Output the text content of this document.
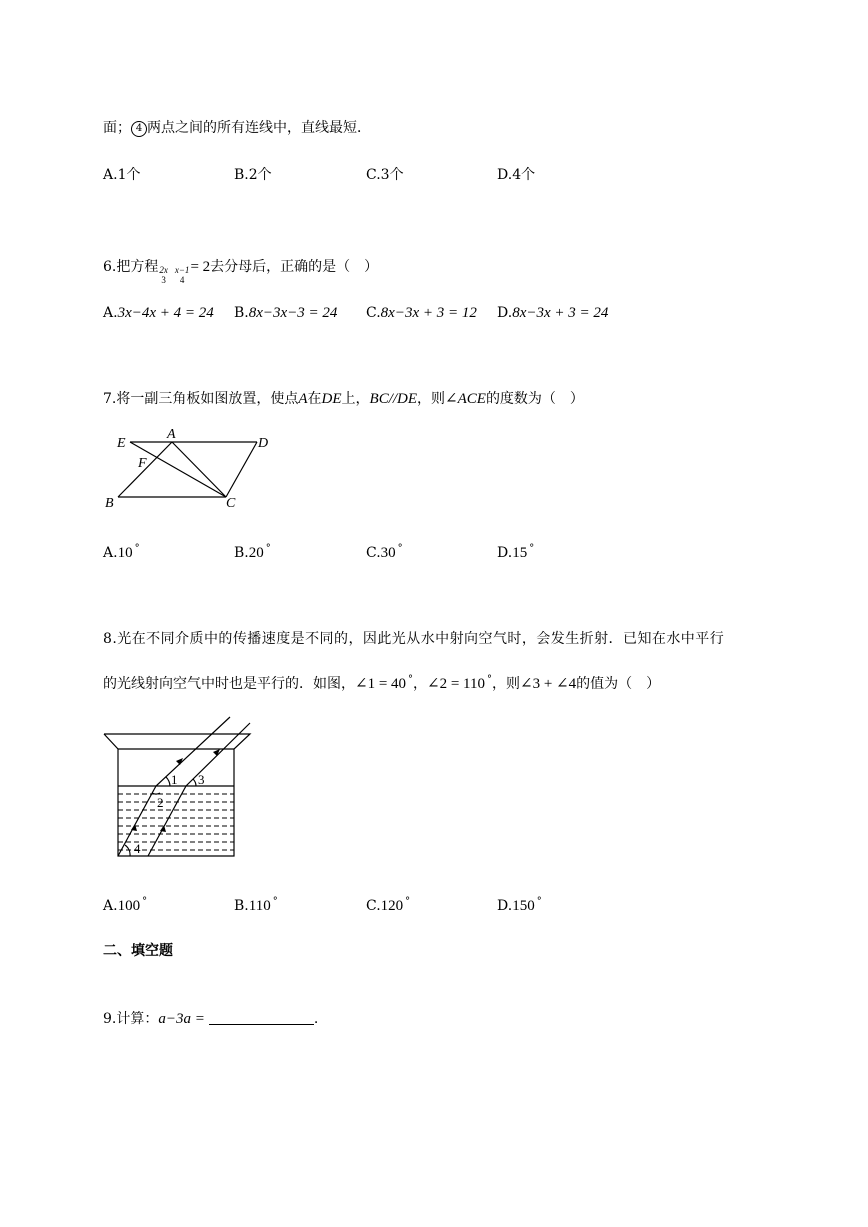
面； 4 两点之间的所有连线中，直线最短．
A.1个	B.2个	C.3个	D.4个
6.把方程 2x
3
x−1
4
= 2去分母后，正确的是（　）
A.3x−4x + 4 = 24 B.8x−3x−3 = 24 C.8x−3x + 3 = 12 D.8x−3x + 3 = 24
7.将一副三角板如图放置，使点A在DE上，BC//DE，则∠ACE的度数为（　）
E
A
D
F
B	C
A.10 °	B.20 °	C.30 °	D.15 °
8.光在不同介质中的传播速度是不同的，因此光从水中射向空气时，会发生折射．已知在水中平行
的光线射向空气中时也是平行的．如图，∠1 = 40 °，∠2 = 110 °，则∠3 + ∠4的值为（　）
1
2
3
4
A.100 °	B.110 °	C.120 °	D.150 °
二、填空题
9.计算：a−3a =	.
